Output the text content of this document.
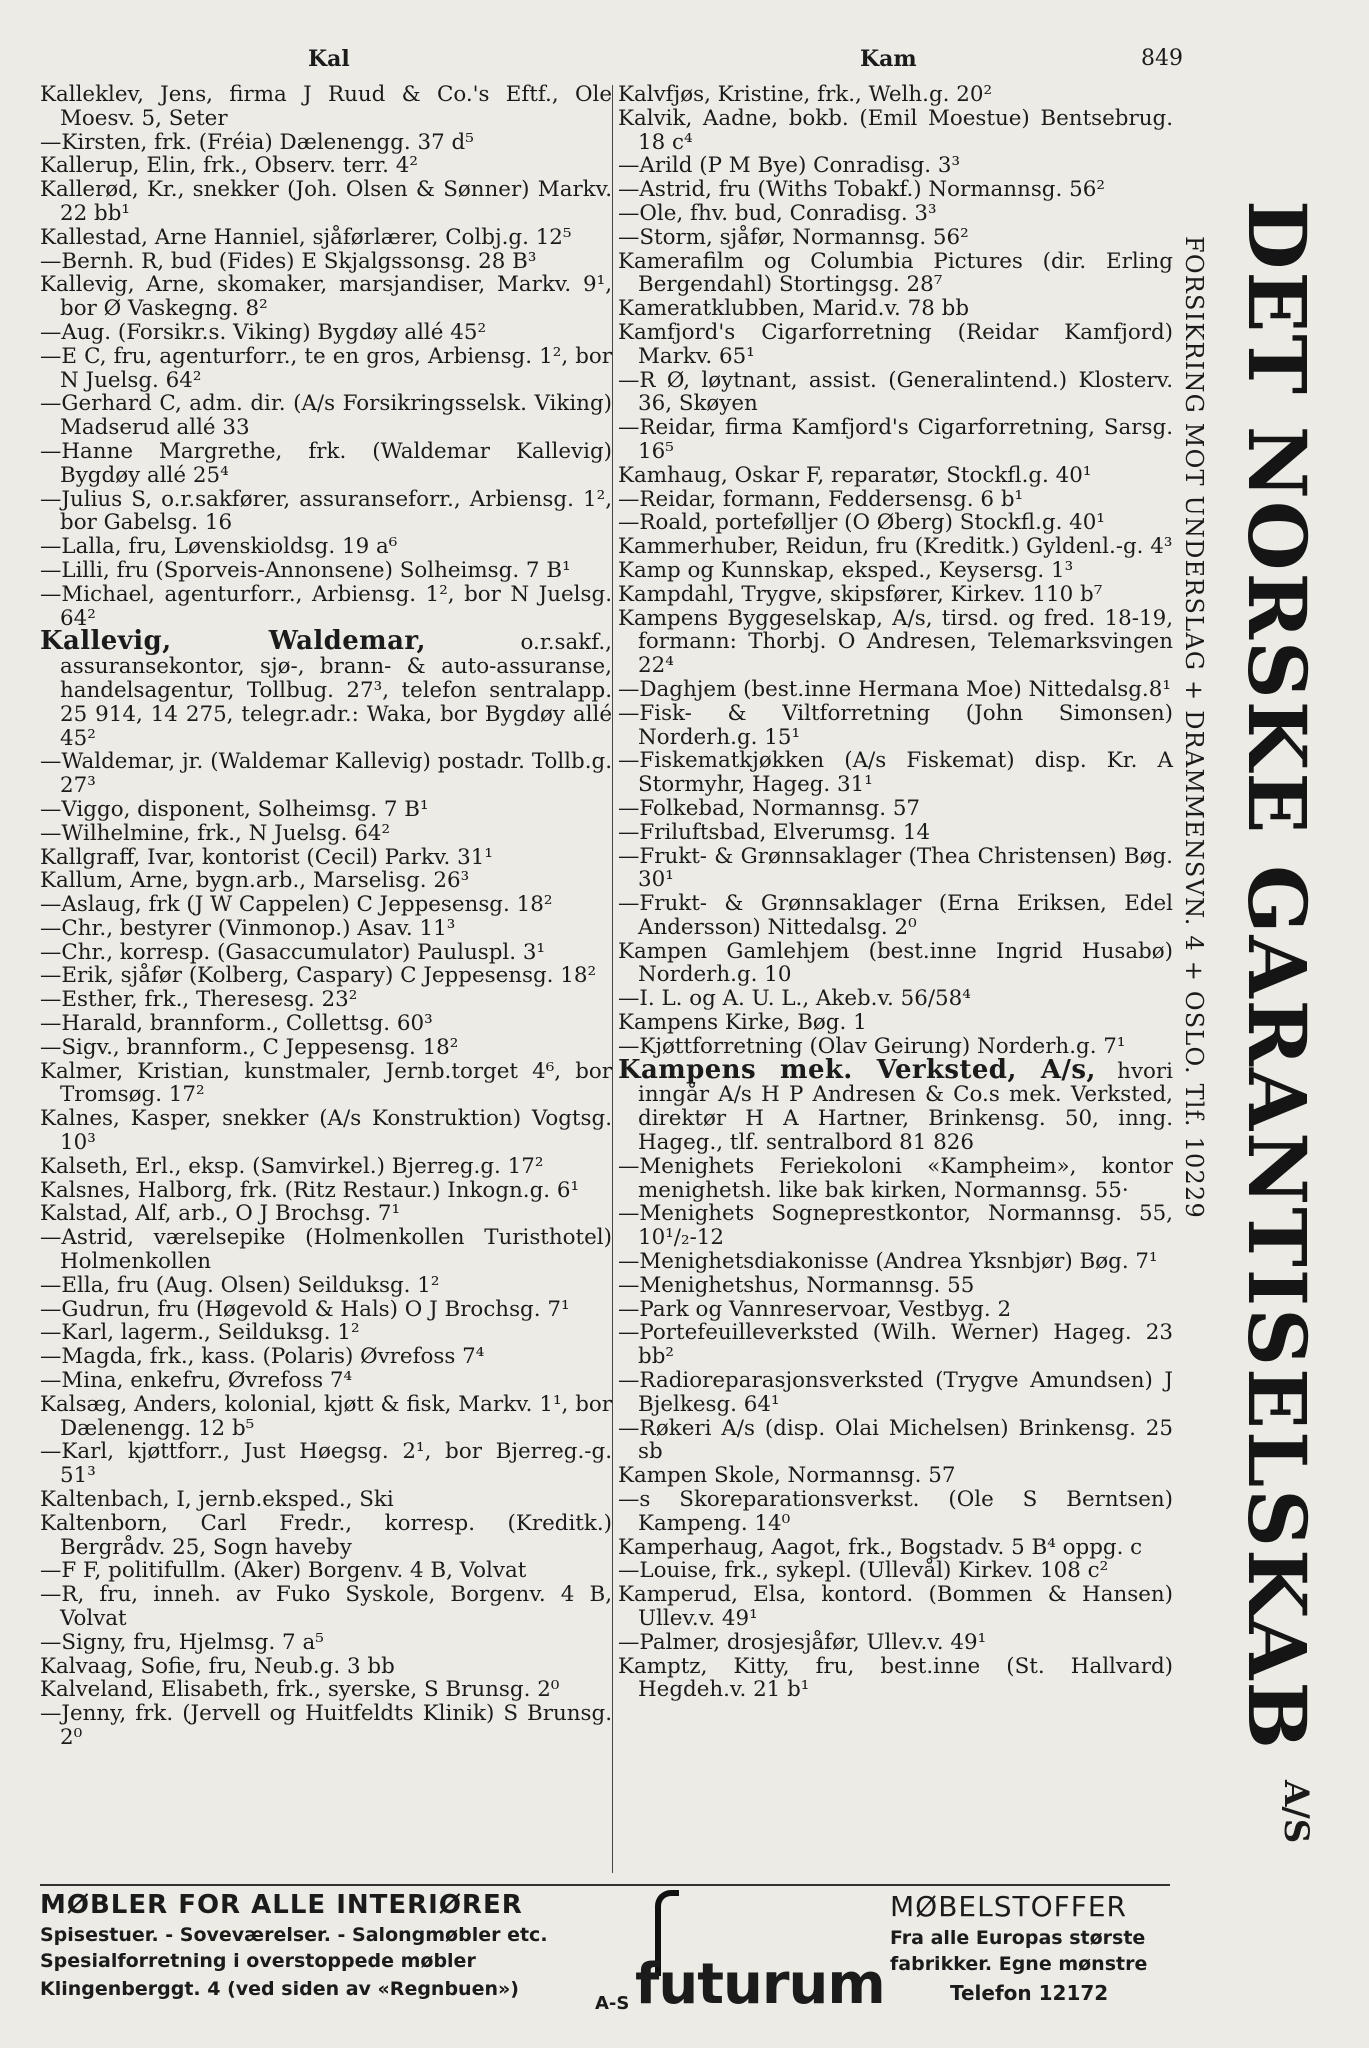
Kal	Kam	849
Kalleklev, Jens, firma J Ruud & Co.'s Eftf., Ole Moesv. 5, Seter
—Kirsten, frk. (Fréia) Dælenengg. 37 d⁵
Kallerup, Elin, frk., Observ. terr. 4²
Kallerød, Kr., snekker (Joh. Olsen & Sønner) Markv. 22 bb¹
Kallestad, Arne Hanniel, sjåførlærer, Colbj.g. 12⁵
—Bernh. R, bud (Fides) E Skjalgssonsg. 28 B³
Kallevig, Arne, skomaker, marsjandiser, Markv. 9¹, bor Ø Vaskegng. 8²
—Aug. (Forsikr.s. Viking) Bygdøy allé 45²
—E C, fru, agenturforr., te en gros, Arbiensg. 1², bor N Juelsg. 64²
—Gerhard C, adm. dir. (A/s Forsikringsselsk. Viking) Madserud allé 33
—Hanne Margrethe, frk. (Waldemar Kallevig) Bygdøy allé 25⁴
—Julius S, o.r.sakfører, assuranseforr., Arbiensg. 1², bor Gabelsg. 16
—Lalla, fru, Løvenskioldsg. 19 a⁶
—Lilli, fru (Sporveis-Annonsene) Solheimsg. 7 B¹
—Michael, agenturforr., Arbiensg. 1², bor N Juelsg. 64²
Kallevig, Waldemar, o.r.sakf., assuransekontor, sjø-, brann- & auto-assuranse, handelsagentur, Tollbug. 27³, telefon sentralapp. 25 914, 14 275, telegr.adr.: Waka, bor Bygdøy allé 45²
—Waldemar, jr. (Waldemar Kallevig) postadr. Tollb.g. 27³
—Viggo, disponent, Solheimsg. 7 B¹
—Wilhelmine, frk., N Juelsg. 64²
Kallgraff, Ivar, kontorist (Cecil) Parkv. 31¹
Kallum, Arne, bygn.arb., Marselisg. 26³
—Aslaug, frk (J W Cappelen) C Jeppesensg. 18²
—Chr., bestyrer (Vinmonop.) Asav. 11³
—Chr., korresp. (Gasaccumulator) Pauluspl. 3¹
—Erik, sjåfør (Kolberg, Caspary) C Jeppesensg. 18²
—Esther, frk., Theresesg. 23²
—Harald, brannform., Collettsg. 60³
—Sigv., brannform., C Jeppesensg. 18²
Kalmer, Kristian, kunstmaler, Jernb.torget 4⁶, bor Tromsøg. 17²
Kalnes, Kasper, snekker (A/s Konstruktion) Vogtsg. 10³
Kalseth, Erl., eksp. (Samvirkel.) Bjerreg.g. 17²
Kalsnes, Halborg, frk. (Ritz Restaur.) Inkogn.g. 6¹
Kalstad, Alf, arb., O J Brochsg. 7¹
—Astrid, værelsepike (Holmenkollen Turisthotel) Holmenkollen
—Ella, fru (Aug. Olsen) Seilduksg. 1²
—Gudrun, fru (Høgevold & Hals) O J Brochsg. 7¹
—Karl, lagerm., Seilduksg. 1²
—Magda, frk., kass. (Polaris) Øvrefoss 7⁴
—Mina, enkefru, Øvrefoss 7⁴
Kalsæg, Anders, kolonial, kjøtt & fisk, Markv. 1¹, bor Dælenengg. 12 b⁵
—Karl, kjøttforr., Just Høegsg. 2¹, bor Bjerreg.-g. 51³
Kaltenbach, I, jernb.eksped., Ski
Kaltenborn, Carl Fredr., korresp. (Kreditk.) Bergrådv. 25, Sogn haveby
—F F, politifullm. (Aker) Borgenv. 4 B, Volvat
—R, fru, inneh. av Fuko Syskole, Borgenv. 4 B, Volvat
—Signy, fru, Hjelmsg. 7 a⁵
Kalvaag, Sofie, fru, Neub.g. 3 bb
Kalveland, Elisabeth, frk., syerske, S Brunsg. 2⁰
—Jenny, frk. (Jervell og Huitfeldts Klinik) S Brunsg. 2⁰
Kalvfjøs, Kristine, frk., Welh.g. 20²
Kalvik, Aadne, bokb. (Emil Moestue) Bentsebrug. 18 c⁴
—Arild (P M Bye) Conradisg. 3³
—Astrid, fru (Withs Tobakf.) Normannsg. 56²
—Ole, fhv. bud, Conradisg. 3³
—Storm, sjåfør, Normannsg. 56²
Kamerafilm og Columbia Pictures (dir. Erling Bergendahl) Stortingsg. 28⁷
Kameratklubben, Marid.v. 78 bb
Kamfjord's Cigarforretning (Reidar Kamfjord) Markv. 65¹
—R Ø, løytnant, assist. (Generalintend.) Klosterv. 36, Skøyen
—Reidar, firma Kamfjord's Cigarforretning, Sarsg. 16⁵
Kamhaug, Oskar F, reparatør, Stockfl.g. 40¹
—Reidar, formann, Feddersensg. 6 b¹
—Roald, portefølljer (O Øberg) Stockfl.g. 40¹
Kammerhuber, Reidun, fru (Kreditk.) Gyldenl.-g. 4³
Kamp og Kunnskap, eksped., Keysersg. 1³
Kampdahl, Trygve, skipsfører, Kirkev. 110 b⁷
Kampens Byggeselskap, A/s, tirsd. og fred. 18-19, formann: Thorbj. O Andresen, Telemarksvingen 22⁴
—Daghjem (best.inne Hermana Moe) Nittedalsg.8¹
—Fisk- & Viltforretning (John Simonsen) Norderh.g. 15¹
—Fiskematkjøkken (A/s Fiskemat) disp. Kr. A Stormyhr, Hageg. 31¹
—Folkebad, Normannsg. 57
—Friluftsbad, Elverumsg. 14
—Frukt- & Grønnsaklager (Thea Christensen) Bøg. 30¹
—Frukt- & Grønnsaklager (Erna Eriksen, Edel Andersson) Nittedalsg. 2⁰
Kampen Gamlehjem (best.inne Ingrid Husabø) Norderh.g. 10
—I. L. og A. U. L., Akeb.v. 56/58⁴
Kampens Kirke, Bøg. 1
—Kjøttforretning (Olav Geirung) Norderh.g. 7¹
Kampens mek. Verksted, A/s, hvori inngår A/s H P Andresen & Co.s mek. Verksted, direktør H A Hartner, Brinkensg. 50, inng. Hageg., tlf. sentralbord 81 826
—Menighets Feriekoloni «Kampheim», kontor menighetsh. like bak kirken, Normannsg. 55·
—Menighets Sogneprestkontor, Normannsg. 55, 10¹/₂-12
—Menighetsdiakonisse (Andrea Yksnbjør) Bøg. 7¹
—Menighetshus, Normannsg. 55
—Park og Vannreservoar, Vestbyg. 2
—Portefeuilleverksted (Wilh. Werner) Hageg. 23 bb²
—Radioreparasjonsverksted (Trygve Amundsen) J Bjelkesg. 64¹
—Røkeri A/s (disp. Olai Michelsen) Brinkensg. 25 sb
Kampen Skole, Normannsg. 57
—s Skoreparationsverkst. (Ole S Berntsen) Kampeng. 14⁰
Kamperhaug, Aagot, frk., Bogstadv. 5 B⁴ oppg. c
—Louise, frk., sykepl. (Ullevål) Kirkev. 108 c²
Kamperud, Elsa, kontord. (Bommen & Hansen) Ullev.v. 49¹
—Palmer, drosjesjåfør, Ullev.v. 49¹
Kamptz, Kitty, fru, best.inne (St. Hallvard) Hegdeh.v. 21 b¹	DET NORSKE GARANTISELSKAB
FORSIKRING MOT UNDERSLAG + DRAMMENSVN. 4 + OSLO. Tlf. 10229
A/S
MØBLER FOR ALLE INTERIØRER
Spisestuer. - Soveværelser. - Salongmøbler etc.
Spesialforretning i overstoppede møbler
Klingenberggt. 4 (ved siden av «Regnbuen»)
A-S futurum
MØBELSTOFFER
Fra alle Europas største
fabrikker. Egne mønstre
Telefon 12172
